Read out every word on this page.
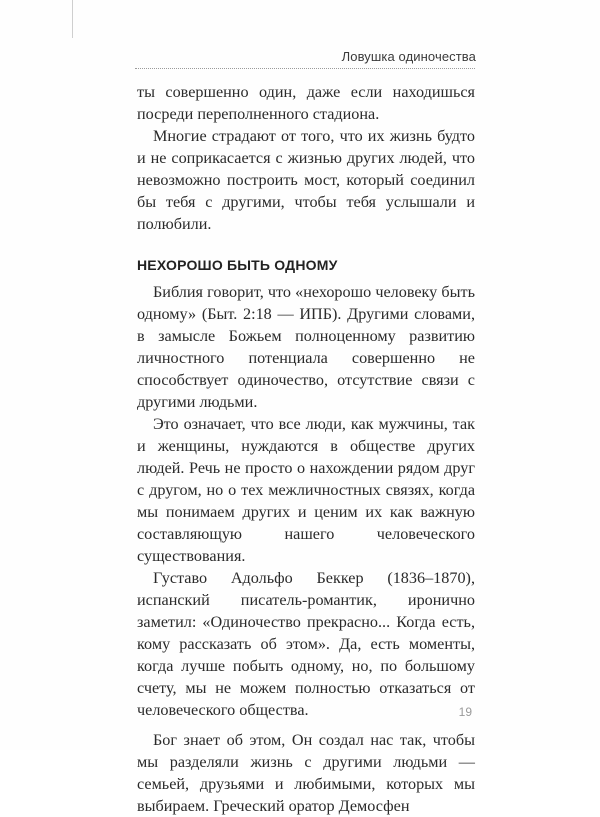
Ловушка одиночества

ты совершенно один, даже если находишься посреди переполненного стадиона.

Многие страдают от того, что их жизнь будто и не соприкасается с жизнью других людей, что невозможно построить мост, который соединил бы тебя с другими, чтобы тебя услышали и полюбили.

НЕХОРОШО БЫТЬ ОДНОМУ

Библия говорит, что «нехорошо человеку быть одному» (Быт. 2:18 — ИПБ). Другими словами, в замысле Божьем полноценному развитию личностного потенциала совершенно не способствует одиночество, отсутствие связи с другими людьми.

Это означает, что все люди, как мужчины, так и женщины, нуждаются в обществе других людей. Речь не просто о нахождении рядом друг с другом, но о тех межличностных связях, когда мы понимаем других и ценим их как важную составляющую нашего человеческого существования.

Густаво Адольфо Беккер (1836–1870), испанский писатель-романтик, иронично заметил: «Одиночество прекрасно... Когда есть, кому рассказать об этом». Да, есть моменты, когда лучше побыть одному, но, по большому счету, мы не можем полностью отказаться от человеческого общества.

Бог знает об этом, Он создал нас так, чтобы мы разделяли жизнь с другими людьми — семьей, друзьями и любимыми, которых мы выбираем. Греческий оратор Демосфен

19
